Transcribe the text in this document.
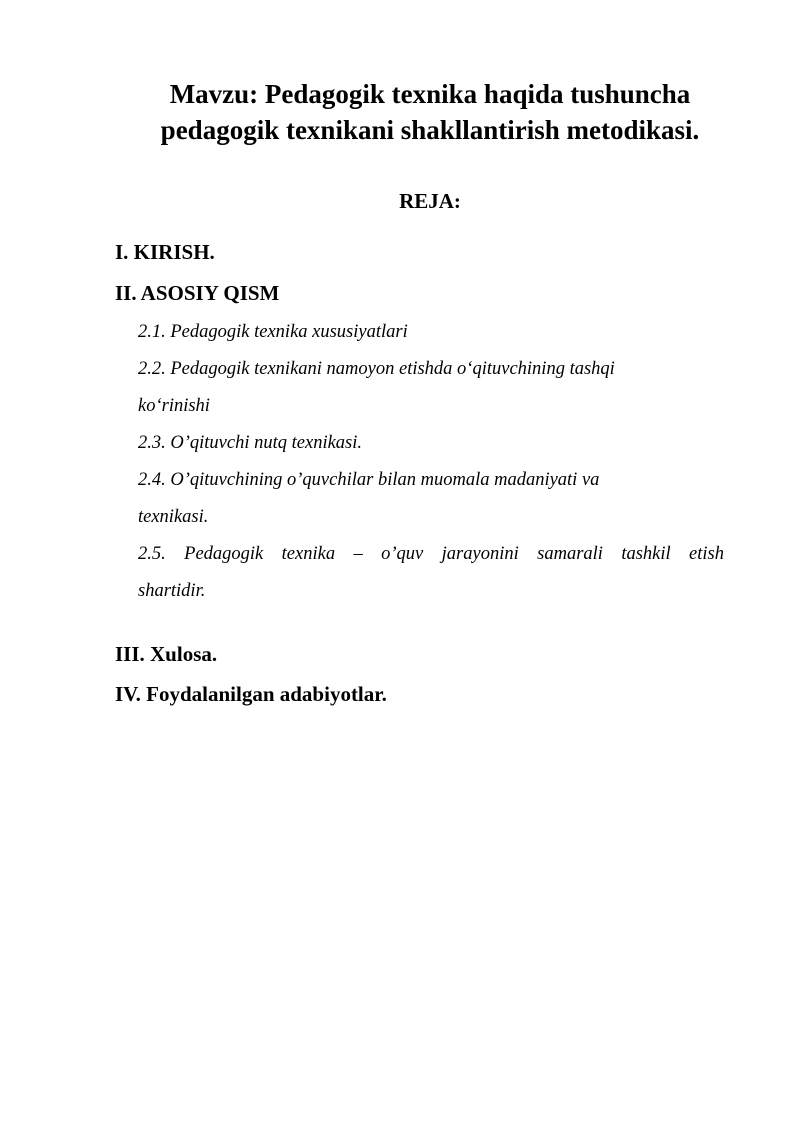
Mavzu: Pedagogik texnika haqida tushuncha
pedagogik texnikani shakllantirish metodikasi.
REJA:
I. KIRISH.
II. ASOSIY QISM
2.1. Pedagogik texnika xususiyatlari
2.2. Pedagogik texnikani namoyon etishda o‘qituvchining tashqi
ko‘rinishi
2.3. O’qituvchi nutq texnikasi.
2.4. O’qituvchining o’quvchilar bilan muomala madaniyati va
texnikasi.
2.5. Pedagogik texnika – o’quv jarayonini samarali tashkil etish
shartidir.
III. Xulosa.
IV. Foydalanilgan adabiyotlar.
